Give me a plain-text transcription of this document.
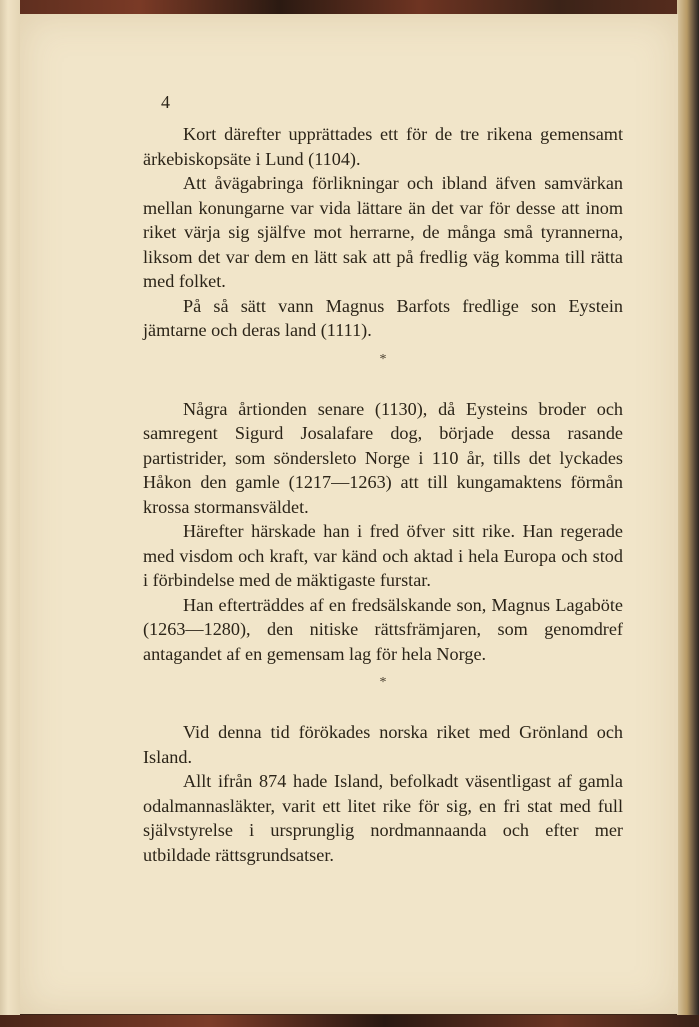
4

Kort därefter upprättades ett för de tre rikena gemensamt ärkebiskopsäte i Lund (1104).

Att åvägabringa förlikningar och ibland äfven samvärkan mellan konungarne var vida lättare än det var för desse att inom riket värja sig själfve mot herrarne, de många små tyrannerna, liksom det var dem en lätt sak att på fredlig väg komma till rätta med folket.

På så sätt vann Magnus Barfots fredlige son Eystein jämtarne och deras land (1111).

*

Några årtionden senare (1130), då Eysteins broder och samregent Sigurd Josalafare dog, började dessa rasande partistrider, som söndersleto Norge i 110 år, tills det lyckades Håkon den gamle (1217—1263) att till kungamaktens förmån krossa stormansväldet.

Härefter härskade han i fred öfver sitt rike. Han regerade med visdom och kraft, var känd och aktad i hela Europa och stod i förbindelse med de mäktigaste furstar.

Han efterträddes af en fredsälskande son, Magnus Lagaböte (1263—1280), den nitiske rättsfrämjaren, som genomdref antagandet af en gemensam lag för hela Norge.

*

Vid denna tid förökades norska riket med Grönland och Island.

Allt ifrån 874 hade Island, befolkadt väsentligast af gamla odalmannasläkter, varit ett litet rike för sig, en fri stat med full självstyrelse i ursprunglig nordmannaanda och efter mer utbildade rättsgrundsatser.
